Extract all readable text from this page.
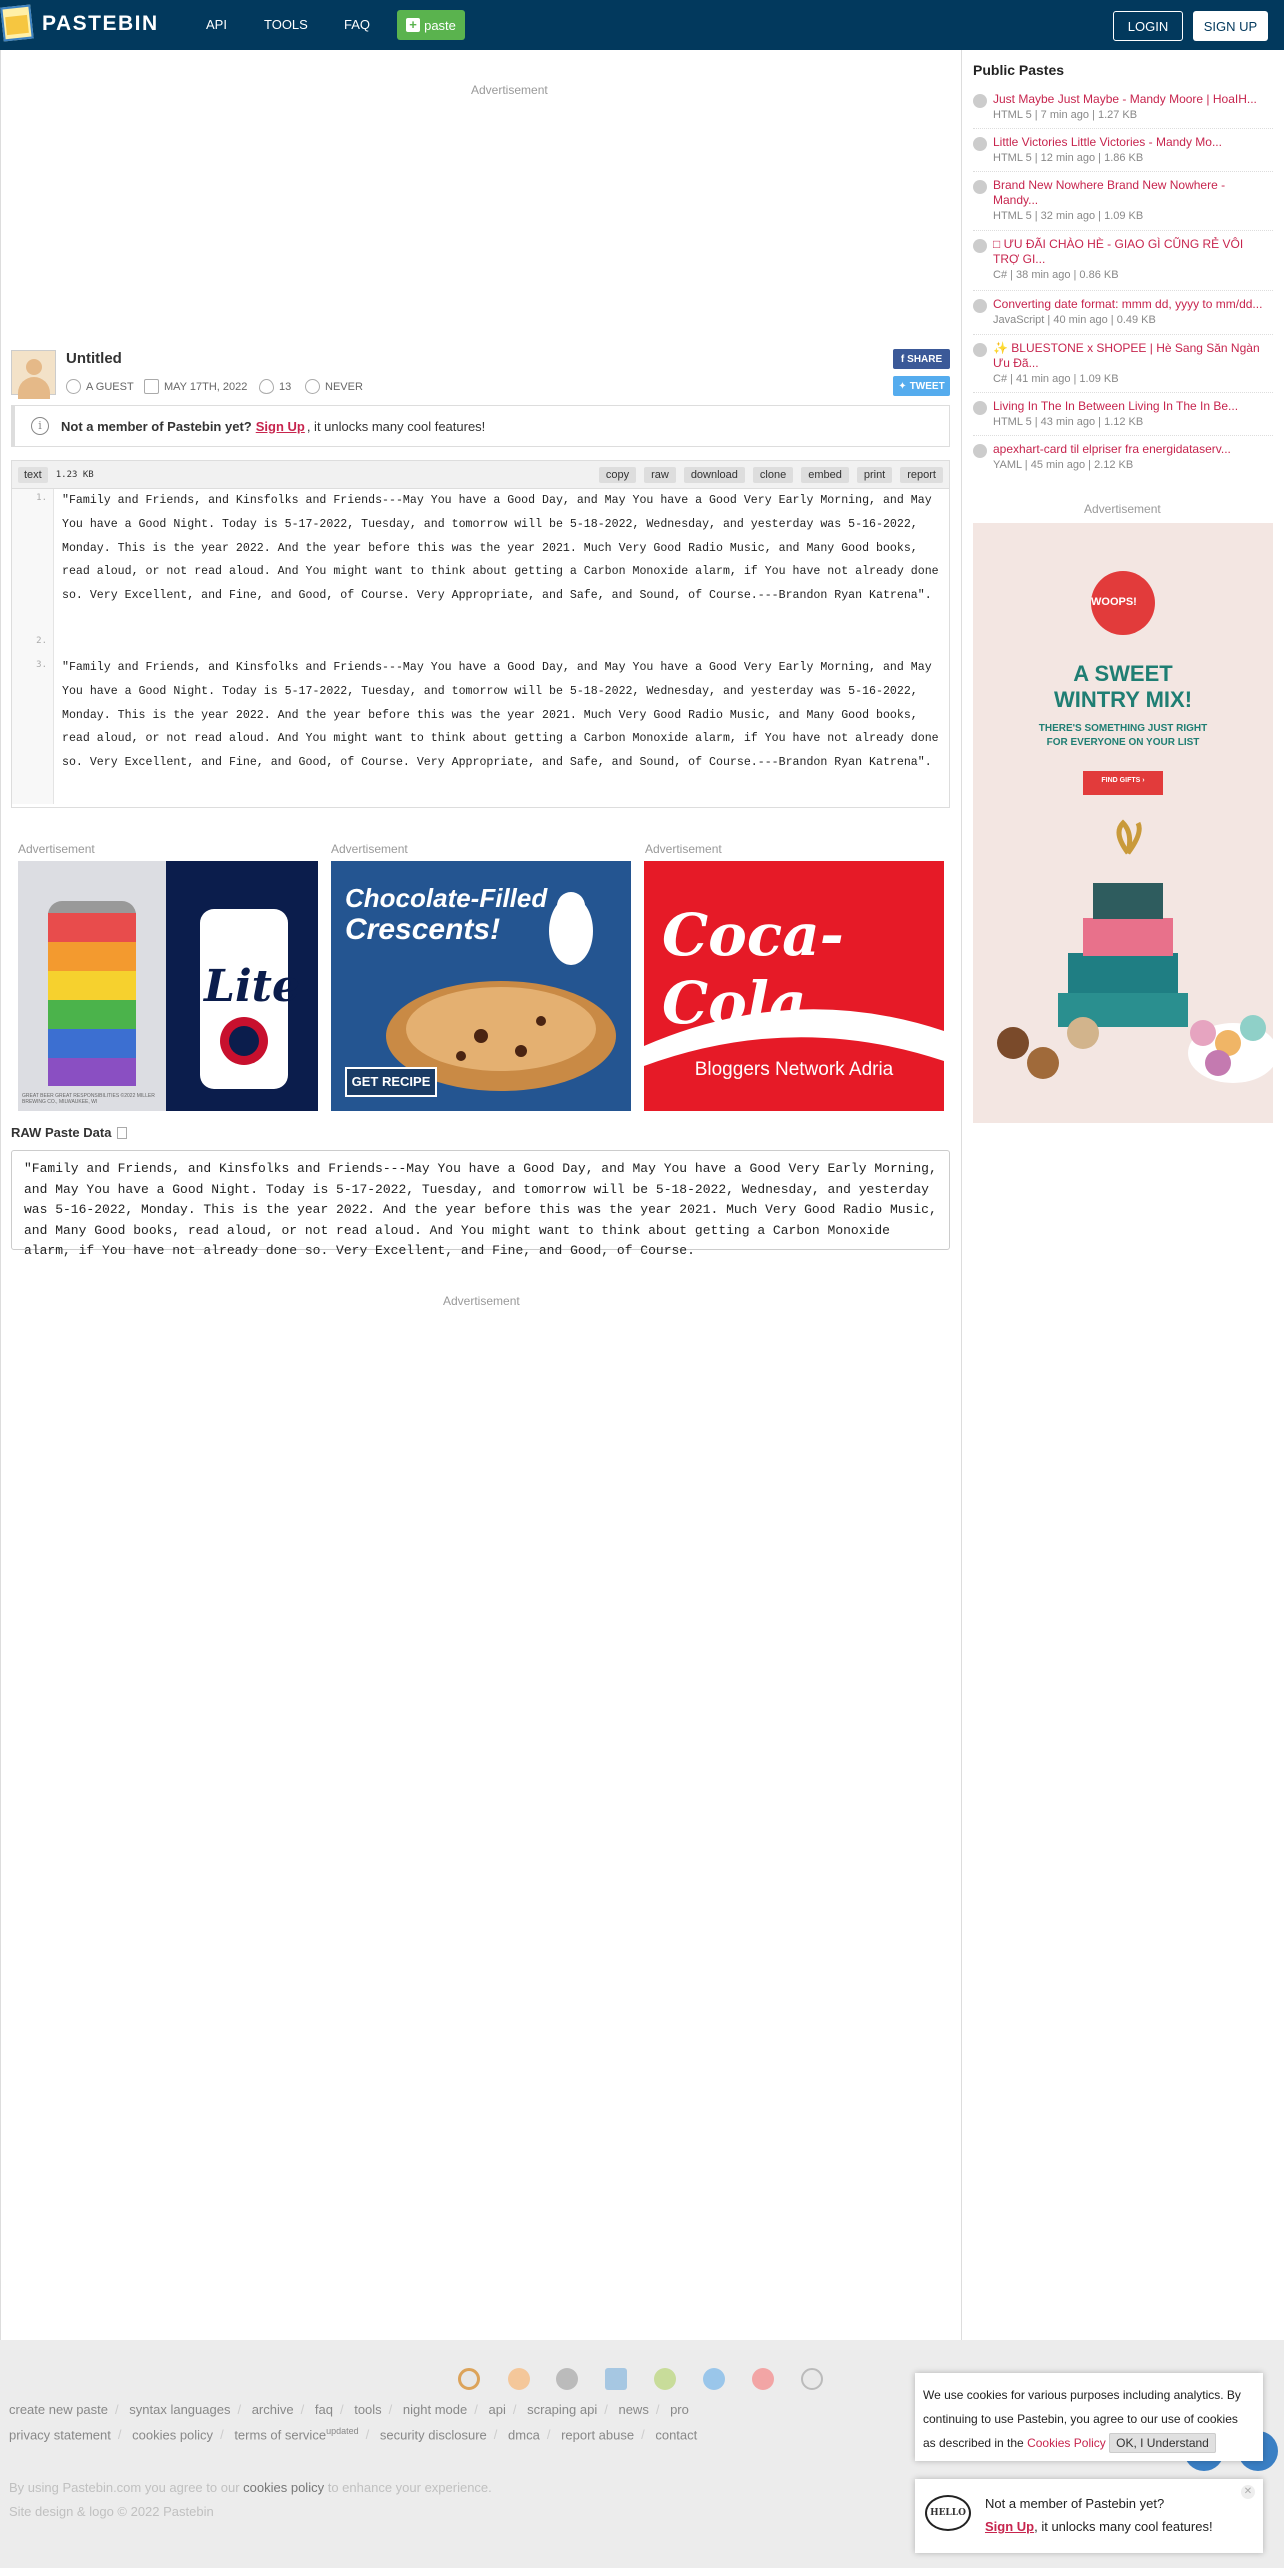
PASTEBIN	API	TOOLS	FAQ	+ paste	LOGIN	SIGN UP
Advertisement
Untitled
A GUEST	MAY 17TH, 2022	13	NEVER
f SHARE
✦ TWEET
i	Not a member of Pastebin yet? Sign Up , it unlocks many cool features!
text	1.23 KB	copy	raw	download	clone	embed	print	report
1.
2.
3.
"Family and Friends, and Kinsfolks and Friends---May You have a Good Day, and May You have a Good Very Early Morning, and May You have a Good Night. Today is 5-17-2022, Tuesday, and tomorrow will be 5-18-2022, Wednesday, and yesterday was 5-16-2022, Monday. This is the year 2022. And the year before this was the year 2021. Much Very Good Radio Music, and Many Good books, read aloud, or not read aloud. And You might want to think about getting a Carbon Monoxide alarm, if You have not already done so. Very Excellent, and Fine, and Good, of Course. Very Appropriate, and Safe, and Sound, of Course.---Brandon Ryan Katrena".
"Family and Friends, and Kinsfolks and Friends---May You have a Good Day, and May You have a Good Very Early Morning, and May You have a Good Night. Today is 5-17-2022, Tuesday, and tomorrow will be 5-18-2022, Wednesday, and yesterday was 5-16-2022, Monday. This is the year 2022. And the year before this was the year 2021. Much Very Good Radio Music, and Many Good books, read aloud, or not read aloud. And You might want to think about getting a Carbon Monoxide alarm, if You have not already done so. Very Excellent, and Fine, and Good, of Course. Very Appropriate, and Safe, and Sound, of Course.---Brandon Ryan Katrena".
Advertisement	Advertisement	Advertisement
Lite
GREAT BEER GREAT RESPONSIBILITIES ©2022 MILLER BREWING CO., MILWAUKEE, WI
Chocolate-Filled
Crescents!
GET RECIPE
Coca-Cola
Bloggers Network Adria
RAW Paste Data
"Family and Friends, and Kinsfolks and Friends---May You have a Good Day, and May You have a Good Very Early Morning, and May You have a Good Night. Today is 5-17-2022, Tuesday, and tomorrow will be 5-18-2022, Wednesday, and yesterday was 5-16-2022, Monday. This is the year 2022. And the year before this was the year 2021. Much Very Good Radio Music, and Many Good books, read aloud, or not read aloud. And You might want to think about getting a Carbon Monoxide alarm, if You have not already done so. Very Excellent, and Fine, and Good, of Course.
Advertisement
Public Pastes
Just Maybe Just Maybe - Mandy Moore | HoaIH...
HTML 5 | 7 min ago | 1.27 KB
Little Victories Little Victories - Mandy Mo...
HTML 5 | 12 min ago | 1.86 KB
Brand New Nowhere Brand New Nowhere - Mandy...
HTML 5 | 32 min ago | 1.09 KB
□ ƯU ĐÃI CHÀO HÈ - GIAO GÌ CŨNG RẺ VÔI TRỢ GI...
C# | 38 min ago | 0.86 KB
Converting date format: mmm dd, yyyy to mm/dd...
JavaScript | 40 min ago | 0.49 KB
✨ BLUESTONE x SHOPEE | Hè Sang Săn Ngàn Ưu Đã...
C# | 41 min ago | 1.09 KB
Living In The In Between Living In The In Be...
HTML 5 | 43 min ago | 1.12 KB
apexhart-card til elpriser fra energidataserv...
YAML | 45 min ago | 2.12 KB
Advertisement
WOOPS!
A SWEET
WINTRY MIX!
THERE'S SOMETHING JUST RIGHT
FOR EVERYONE ON YOUR LIST
FIND GIFTS ›
create new paste / syntax languages / archive / faq / tools / night mode / api / scraping api / news / pro
privacy statement / cookies policy / terms of service$^{updated}$ / security disclosure / dmca / report abuse / contact
By using Pastebin.com you agree to our cookies policy to enhance your experience.
Site design & logo © 2022 Pastebin
We use cookies for various purposes including analytics. By
continuing to use Pastebin, you agree to our use of cookies
as described in the Cookies Policy OK, I Understand
HELLO
Not a member of Pastebin yet?
Sign Up, it unlocks many cool features!
✕
